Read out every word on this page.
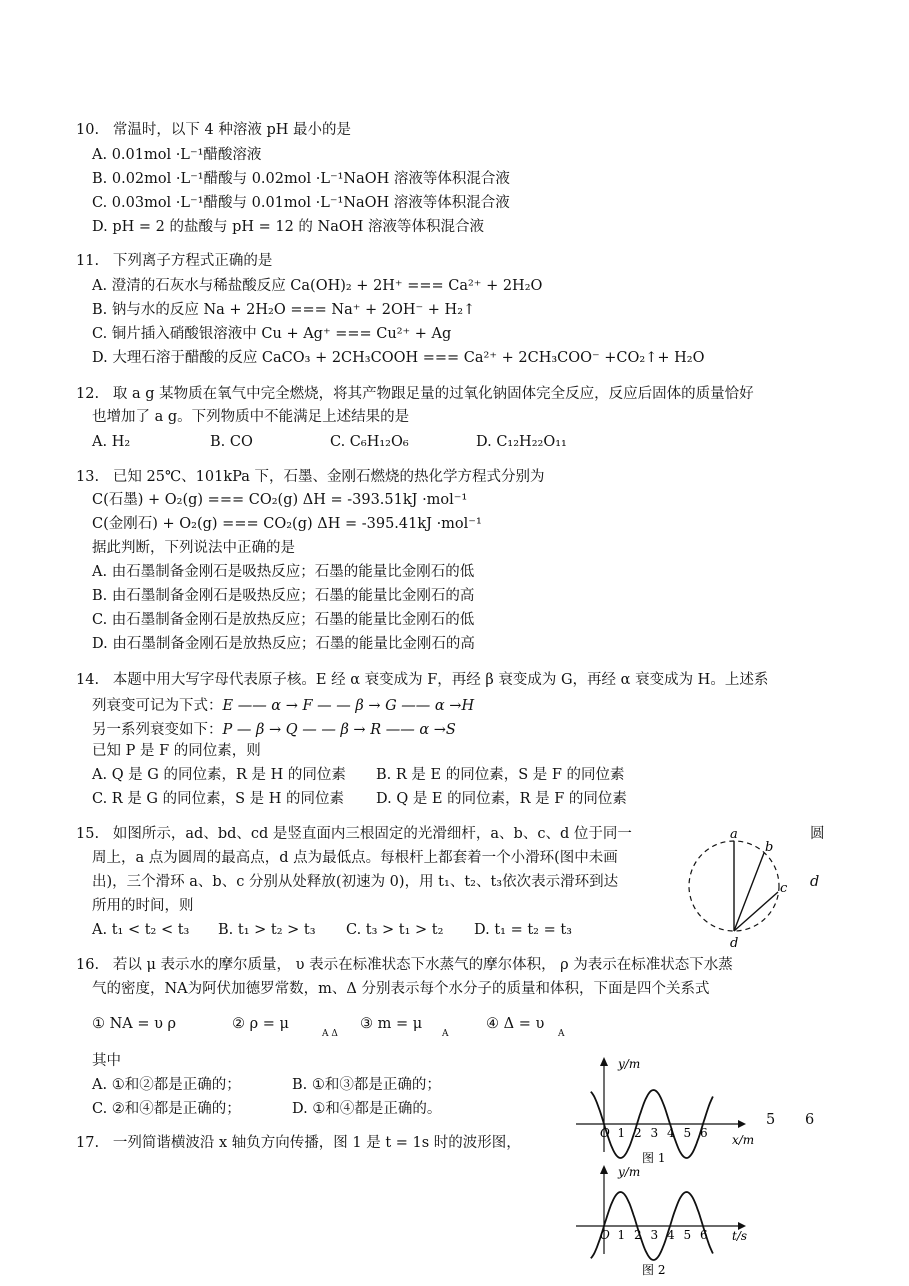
10. 常温时，以下 4 种溶液 pH 最小的是
A. 0.01mol ·L⁻¹醋酸溶液
B. 0.02mol ·L⁻¹醋酸与 0.02mol ·L⁻¹NaOH 溶液等体积混合液
C. 0.03mol ·L⁻¹醋酸与 0.01mol ·L⁻¹NaOH 溶液等体积混合液
D. pH = 2 的盐酸与 pH = 12 的 NaOH 溶液等体积混合液
11. 下列离子方程式正确的是
A. 澄清的石灰水与稀盐酸反应 Ca(OH)₂ + 2H⁺ === Ca²⁺ + 2H₂O
B. 钠与水的反应 Na + 2H₂O === Na⁺ + 2OH⁻ + H₂↑
C. 铜片插入硝酸银溶液中 Cu + Ag⁺ === Cu²⁺ + Ag
D. 大理石溶于醋酸的反应 CaCO₃ + 2CH₃COOH === Ca²⁺ + 2CH₃COO⁻ +CO₂↑+ H₂O
12. 取 a g 某物质在氧气中完全燃烧，将其产物跟足量的过氧化钠固体完全反应，反应后固体的质量恰好
也增加了 a g。下列物质中不能满足上述结果的是
A. H₂	B. CO	C. C₆H₁₂O₆	D. C₁₂H₂₂O₁₁
13. 已知 25℃、101kPa 下，石墨、金刚石燃烧的热化学方程式分别为
C(石墨) + O₂(g) === CO₂(g) ΔH = -393.51kJ ·mol⁻¹
C(金刚石) + O₂(g) === CO₂(g) ΔH = -395.41kJ ·mol⁻¹
据此判断，下列说法中正确的是
A. 由石墨制备金刚石是吸热反应；石墨的能量比金刚石的低
B. 由石墨制备金刚石是吸热反应；石墨的能量比金刚石的高
C. 由石墨制备金刚石是放热反应；石墨的能量比金刚石的低
D. 由石墨制备金刚石是放热反应；石墨的能量比金刚石的高
14. 本题中用大写字母代表原子核。E 经 α 衰变成为 F，再经 β 衰变成为 G，再经 α 衰变成为 H。上述系
列衰变可记为下式：E —— α → F — — β → G —— α →H
另一系列衰变如下：P — β → Q — — β → R —— α →S
已知 P 是 F 的同位素，则
A. Q 是 G 的同位素，R 是 H 的同位素 B. R 是 E 的同位素，S 是 F 的同位素
C. R 是 G 的同位素，S 是 H 的同位素 D. Q 是 E 的同位素，R 是 F 的同位素
15. 如图所示，ad、bd、cd 是竖直面内三根固定的光滑细杆，a、b、c、d 位于同一	圆
周上，a 点为圆周的最高点，d 点为最低点。每根杆上都套着一个小滑环(图中未画
出)，三个滑环 a、b、c 分别从处释放(初速为 0)，用 t₁、t₂、t₃依次表示滑环到达	d
所用的时间，则
A. t₁ < t₂ < t₃ B. t₁ > t₂ > t₃ C. t₃ > t₁ > t₂ D. t₁ = t₂ = t₃
a
b
c
d
16. 若以 μ 表示水的摩尔质量， υ 表示在标准状态下水蒸气的摩尔体积， ρ 为表示在标准状态下水蒸
气的密度，NA为阿伏加德罗常数，m、Δ 分别表示每个水分子的质量和体积，下面是四个关系式
① NA = υ ρ	② ρ = μ
A Δ
③ m = μ
A
④ Δ = υ
A
其中
A. ①和②都是正确的；	B. ①和③都是正确的；
C. ②和④都是正确的；	D. ①和④都是正确的。
17. 一列简谐横波沿 x 轴负方向传播，图 1 是 t = 1s 时的波形图，
5 6
y/m
x/m
O 1 2 3 4 5 6
图 1
y/m
t/s
O 1 2 3 4 5 6
图 2
